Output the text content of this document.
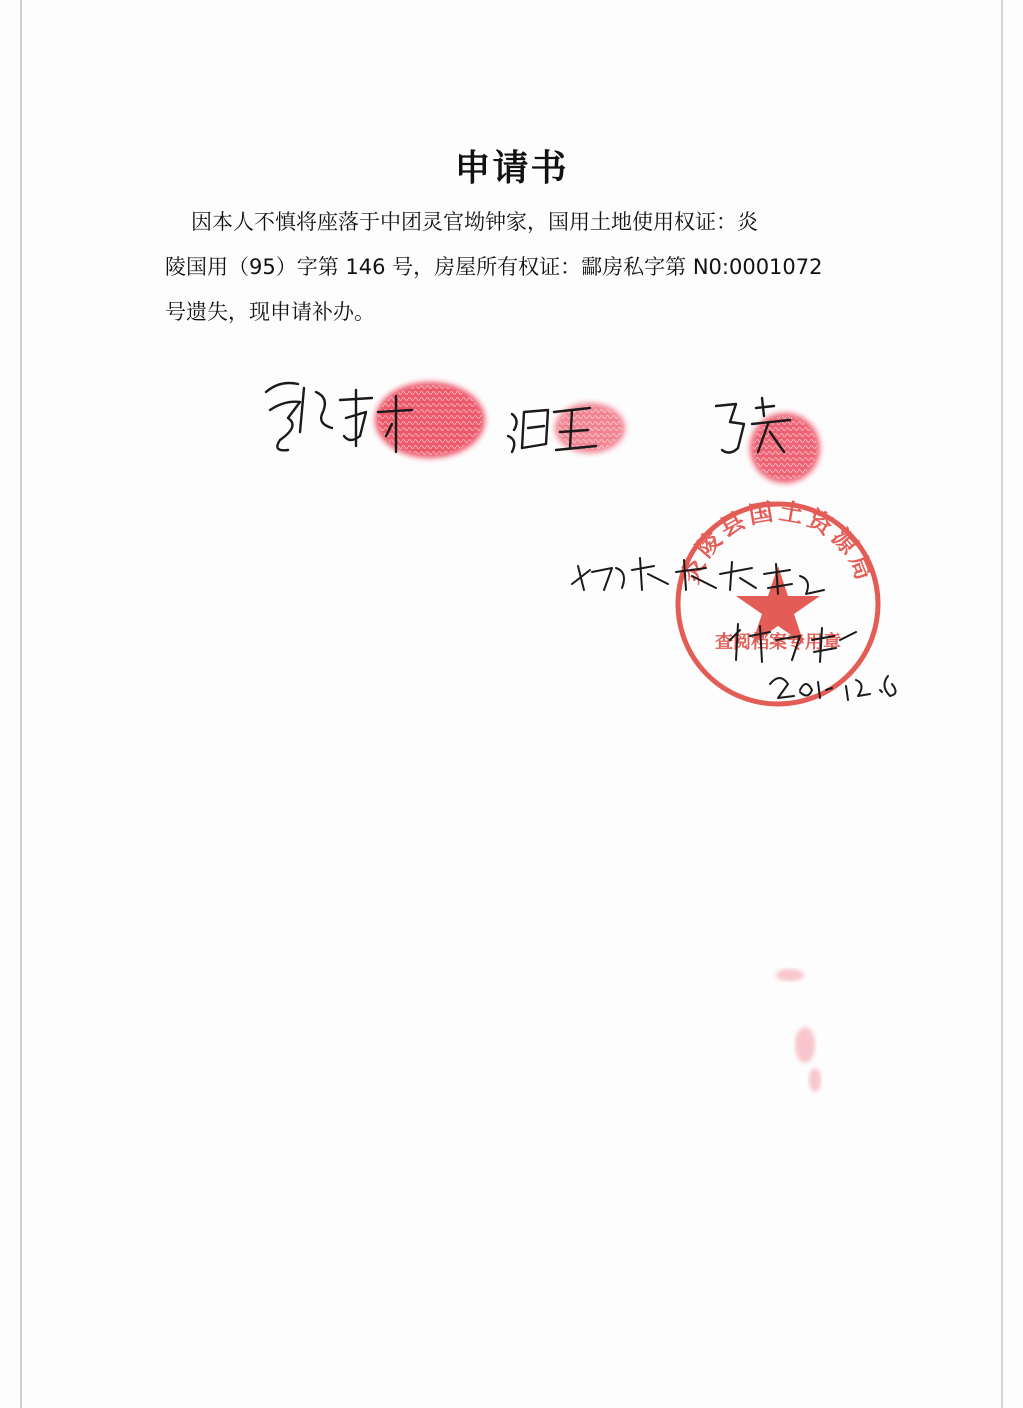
申请书
因本人不慎将座落于中团灵官坳钟家，国用土地使用权证：炎
陵国用（95）字第 146 号，房屋所有权证：酃房私字第 N0:0001072
号遗失，现申请补办。
炎陵县国土资源局
查阅档案专用章
